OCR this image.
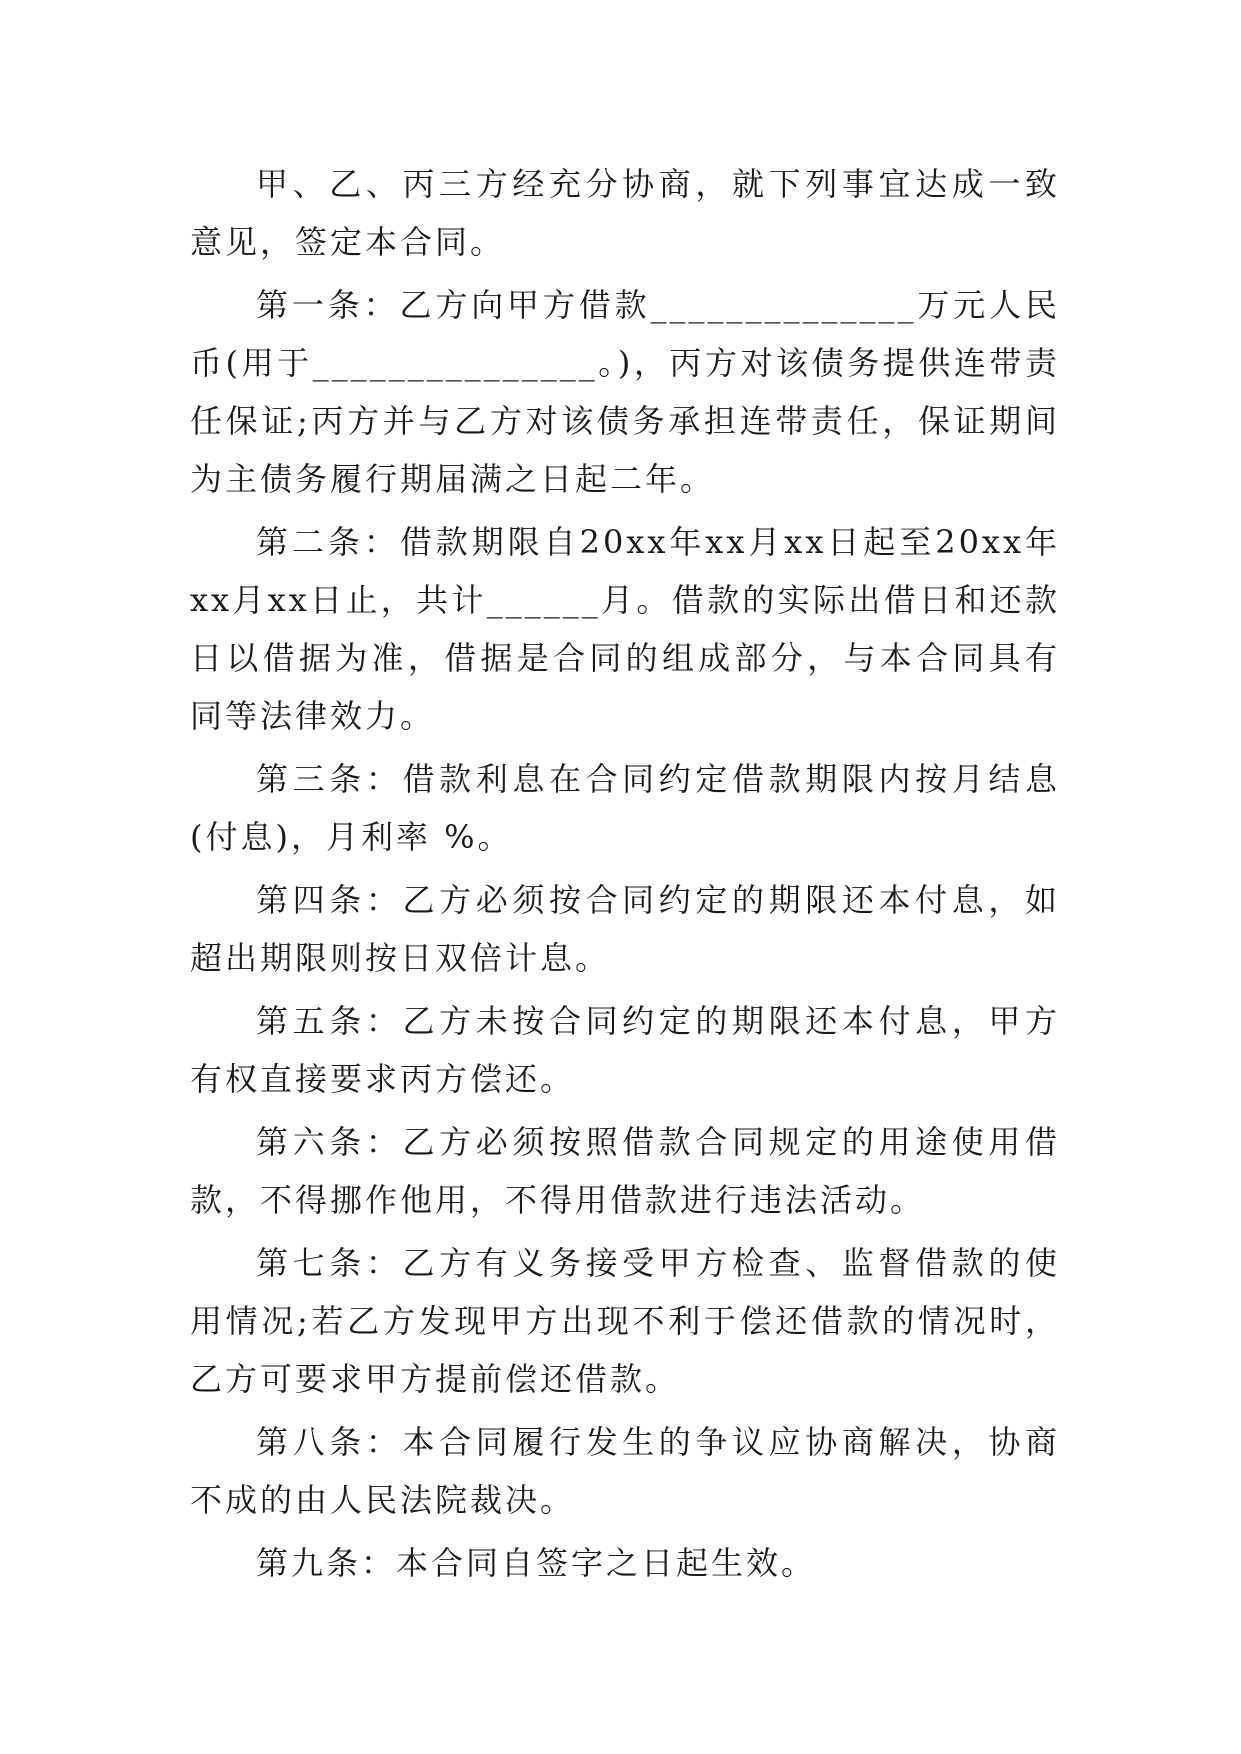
甲、乙、丙三方经充分协商，就下列事宜达成一致意见，签定本合同。

第一条：乙方向甲方借款______________万元人民币(用于_______________。)，丙方对该债务提供连带责任保证;丙方并与乙方对该债务承担连带责任，保证期间为主债务履行期届满之日起二年。

第二条：借款期限自20xx年xx月xx日起至20xx年xx月xx日止，共计______月。借款的实际出借日和还款日以借据为准，借据是合同的组成部分，与本合同具有同等法律效力。

第三条：借款利息在合同约定借款期限内按月结息(付息)，月利率 %。

第四条：乙方必须按合同约定的期限还本付息，如超出期限则按日双倍计息。

第五条：乙方未按合同约定的期限还本付息，甲方有权直接要求丙方偿还。

第六条：乙方必须按照借款合同规定的用途使用借款，不得挪作他用，不得用借款进行违法活动。

第七条：乙方有义务接受甲方检查、监督借款的使用情况;若乙方发现甲方出现不利于偿还借款的情况时，乙方可要求甲方提前偿还借款。

第八条：本合同履行发生的争议应协商解决，协商不成的由人民法院裁决。

第九条：本合同自签字之日起生效。
